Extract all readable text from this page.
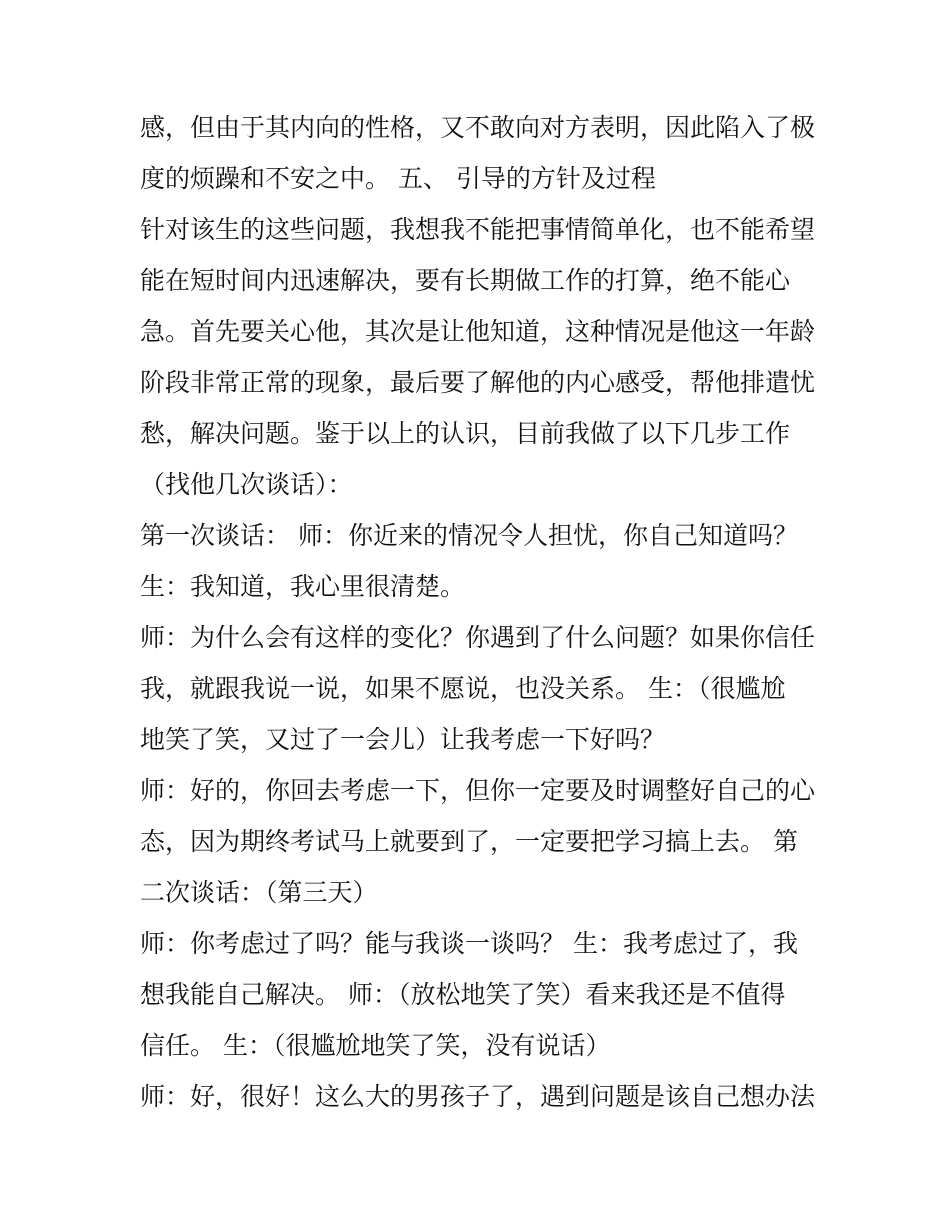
感，但由于其内向的性格，又不敢向对方表明，因此陷入了极
度的烦躁和不安之中。 五、 引导的方针及过程
针对该生的这些问题，我想我不能把事情简单化，也不能希望
能在短时间内迅速解决，要有长期做工作的打算，绝不能心
急。首先要关心他，其次是让他知道，这种情况是他这一年龄
阶段非常正常的现象，最后要了解他的内心感受，帮他排遣忧
愁，解决问题。鉴于以上的认识，目前我做了以下几步工作
（找他几次谈话）：
第一次谈话： 师：你近来的情况令人担忧，你自己知道吗？
生：我知道，我心里很清楚。
师：为什么会有这样的变化？你遇到了什么问题？如果你信任
我，就跟我说一说，如果不愿说，也没关系。 生：（很尴尬
地笑了笑，又过了一会儿）让我考虑一下好吗？
师：好的，你回去考虑一下，但你一定要及时调整好自己的心
态，因为期终考试马上就要到了，一定要把学习搞上去。 第
二次谈话：（第三天）
师：你考虑过了吗？能与我谈一谈吗？ 生：我考虑过了，我
想我能自己解决。 师：（放松地笑了笑）看来我还是不值得
信任。 生：（很尴尬地笑了笑，没有说话）
师：好，很好！这么大的男孩子了，遇到问题是该自己想办法
